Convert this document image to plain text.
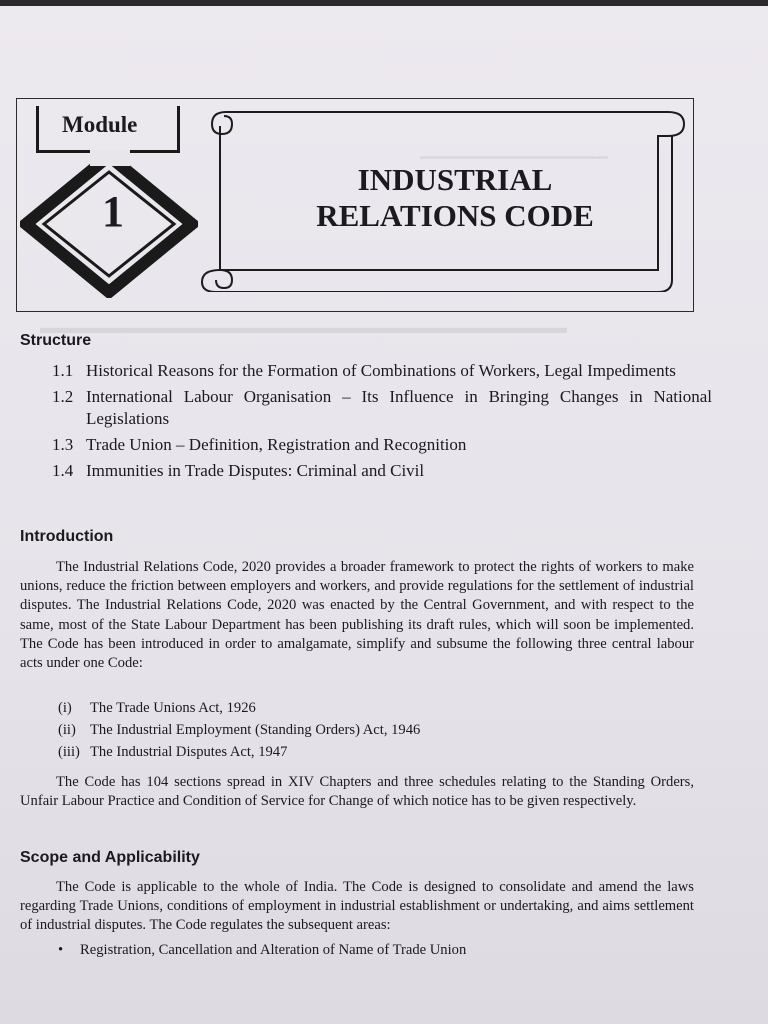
━━━━━━━━━━━━━━━━━━━━━━━━
▬▬▬▬▬▬▬▬▬▬▬▬▬▬▬▬▬▬▬▬▬▬▬▬▬▬▬▬▬▬▬
Module
1
INDUSTRIAL
RELATIONS CODE
Structure
1.1 Historical Reasons for the Formation of Combinations of Workers, Legal Impediments
1.2 International Labour Organisation – Its Influence in Bringing Changes in National Legislations
1.3 Trade Union – Definition, Registration and Recognition
1.4 Immunities in Trade Disputes: Criminal and Civil
Introduction

The Industrial Relations Code, 2020 provides a broader framework to protect the rights of workers to make unions, reduce the friction between employers and workers, and provide regulations for the settlement of industrial disputes. The Industrial Relations Code, 2020 was enacted by the Central Government, and with respect to the same, most of the State Labour Department has been publishing its draft rules, which will soon be implemented. The Code has been introduced in order to amalgamate, simplify and subsume the following three central labour acts under one Code:

(i)	The Trade Unions Act, 1926
(ii) The Industrial Employment (Standing Orders) Act, 1946
(iii) The Industrial Disputes Act, 1947

The Code has 104 sections spread in XIV Chapters and three schedules relating to the Standing Orders, Unfair Labour Practice and Condition of Service for Change of which notice has to be given respectively.

Scope and Applicability

The Code is applicable to the whole of India. The Code is designed to consolidate and amend the laws regarding Trade Unions, conditions of employment in industrial establishment or undertaking, and aims settlement of industrial disputes. The Code regulates the subsequent areas:

•	Registration, Cancellation and Alteration of Name of Trade Union
